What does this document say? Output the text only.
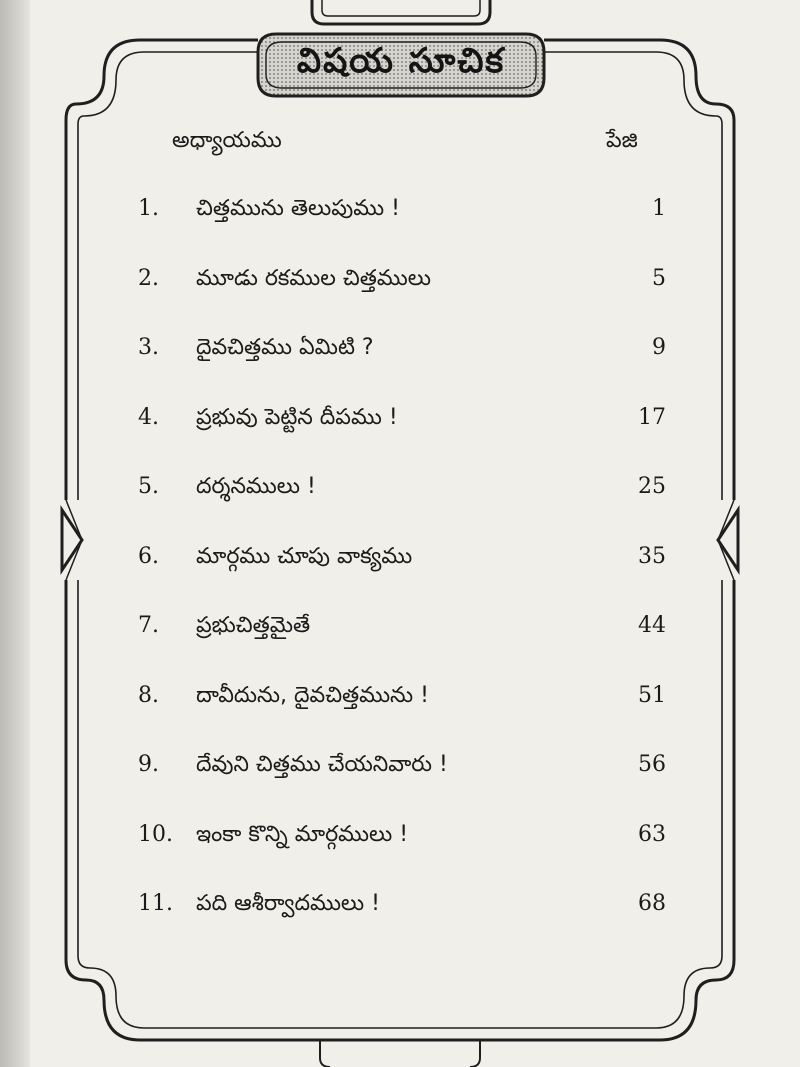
విషయ సూచిక
అధ్యాయము	పేజి
1. చిత్తమును తెలుపుము !	1
2. మూడు రకముల చిత్తములు	5
3. దైవచిత్తము ఏమిటి ?	9
4. ప్రభువు పెట్టిన దీపము !	17
5. దర్శనములు !	25
6. మార్గము చూపు వాక్యము	35
7. ప్రభుచిత్తమైతే	44
8. దావీదును, దైవచిత్తమును !	51
9. దేవుని చిత్తము చేయనివారు !	56
10. ఇంకా కొన్ని మార్గములు !	63
11. పది ఆశీర్వాదములు !	68
